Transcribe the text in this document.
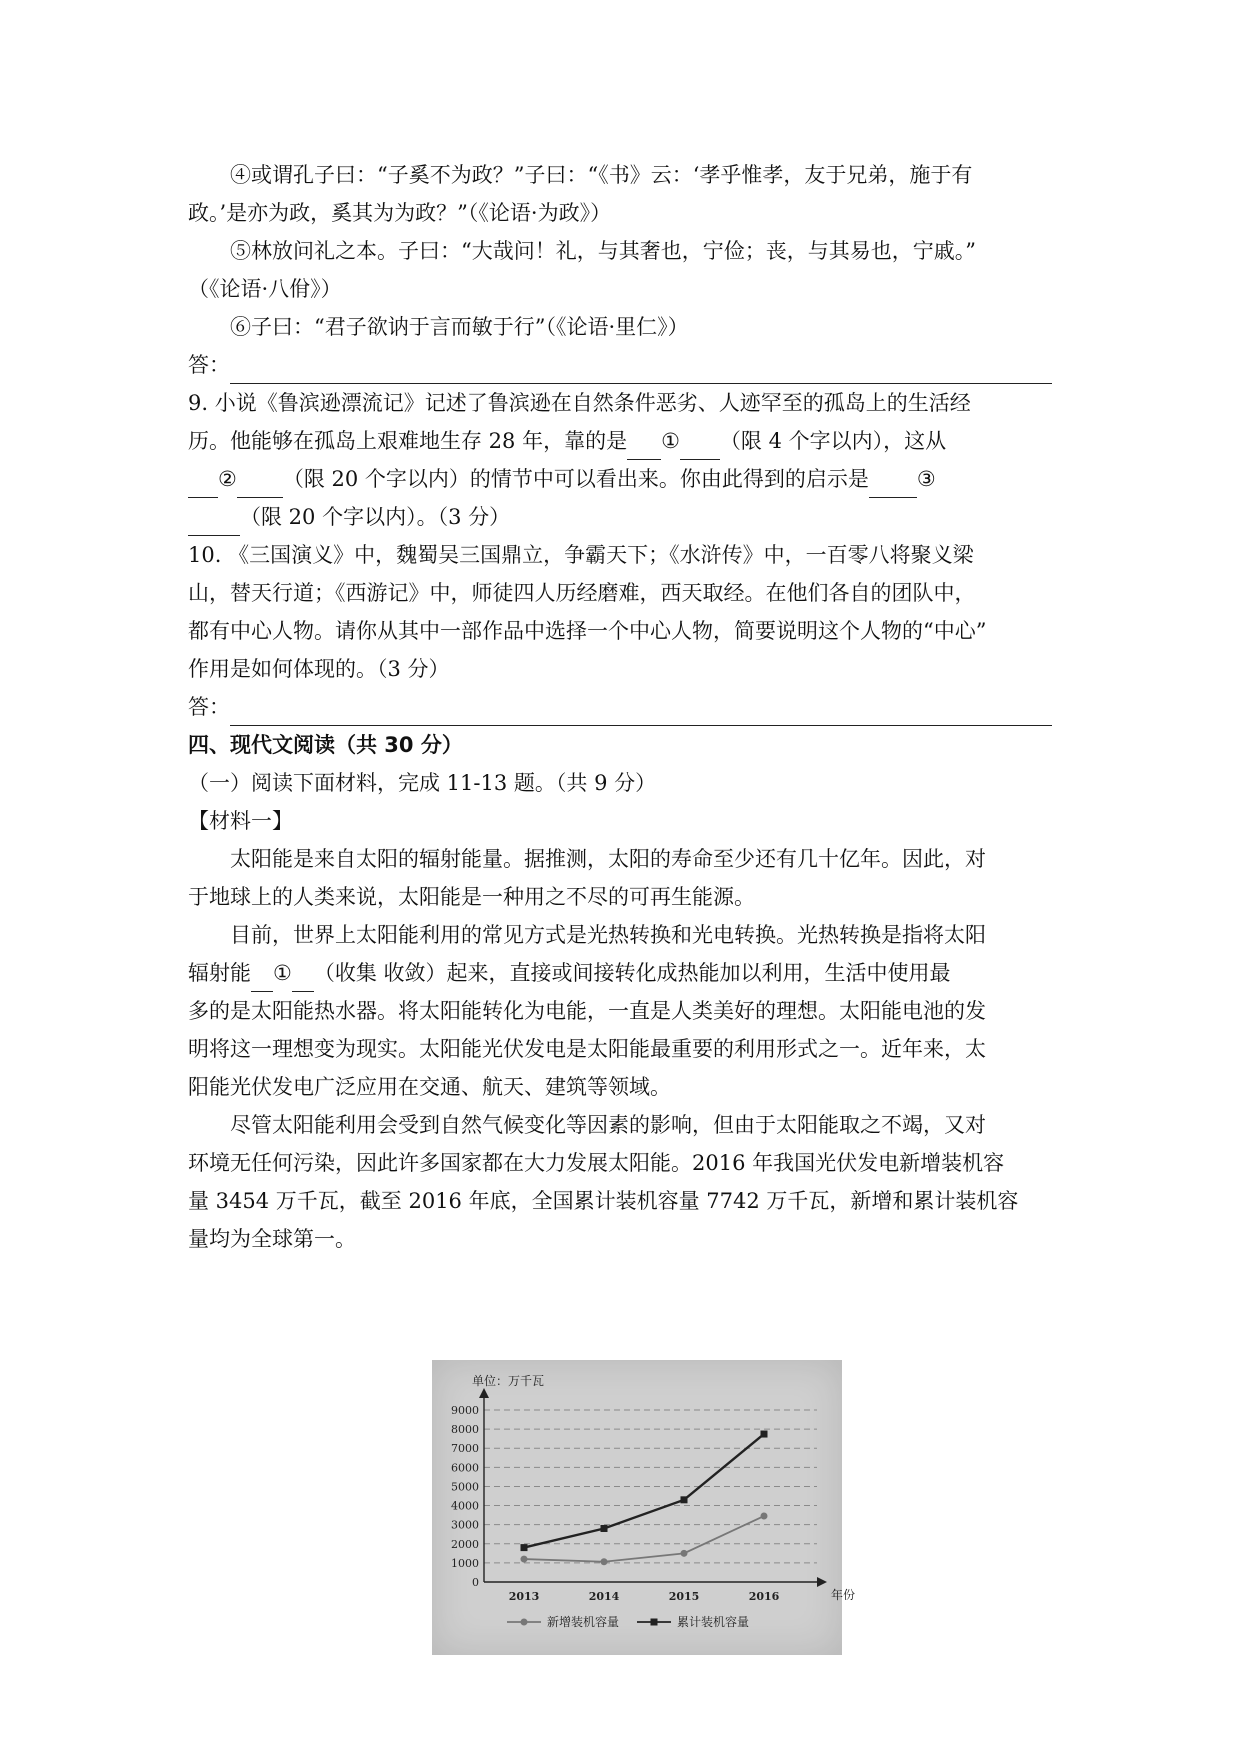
④或谓孔子曰：“子奚不为政？”子曰：“《书》云：‘孝乎惟孝，友于兄弟，施于有
政。’是亦为政，奚其为为政？”（《论语·为政》）
⑤林放问礼之本。子曰：“大哉问！礼，与其奢也，宁俭；丧，与其易也，宁戚。”
（《论语·八佾》）
⑥子曰：“君子欲讷于言而敏于行”（《论语·里仁》）
答：
9. 小说《鲁滨逊漂流记》记述了鲁滨逊在自然条件恶劣、人迹罕至的孤岛上的生活经
历。他能够在孤岛上艰难地生存 28 年，靠的是 ① （限 4 个字以内），这从
② （限 20 个字以内）的情节中可以看出来。你由此得到的启示是 ③
（限 20 个字以内）。（3 分）
10. 《三国演义》中，魏蜀吴三国鼎立，争霸天下；《水浒传》中，一百零八将聚义梁
山，替天行道；《西游记》中，师徒四人历经磨难，西天取经。在他们各自的团队中，
都有中心人物。请你从其中一部作品中选择一个中心人物，简要说明这个人物的“中心”
作用是如何体现的。（3 分）
答：
四、现代文阅读（共 30 分）
（一）阅读下面材料，完成 11-13 题。（共 9 分）
【材料一】
太阳能是来自太阳的辐射能量。据推测，太阳的寿命至少还有几十亿年。因此，对
于地球上的人类来说，太阳能是一种用之不尽的可再生能源。
目前，世界上太阳能利用的常见方式是光热转换和光电转换。光热转换是指将太阳
辐射能 ① （收集 收敛）起来，直接或间接转化成热能加以利用，生活中使用最
多的是太阳能热水器。将太阳能转化为电能，一直是人类美好的理想。太阳能电池的发
明将这一理想变为现实。太阳能光伏发电是太阳能最重要的利用形式之一。近年来，太
阳能光伏发电广泛应用在交通、航天、建筑等领域。
尽管太阳能利用会受到自然气候变化等因素的影响，但由于太阳能取之不竭，又对
环境无任何污染，因此许多国家都在大力发展太阳能。2016 年我国光伏发电新增装机容
量 3454 万千瓦，截至 2016 年底，全国累计装机容量 7742 万千瓦，新增和累计装机容
量均为全球第一。
单位：万千瓦
0
1000
2000
3000
4000
5000
6000
7000
8000
9000
2013	2014	2015	2016	年份
新增装机容量	累计装机容量
